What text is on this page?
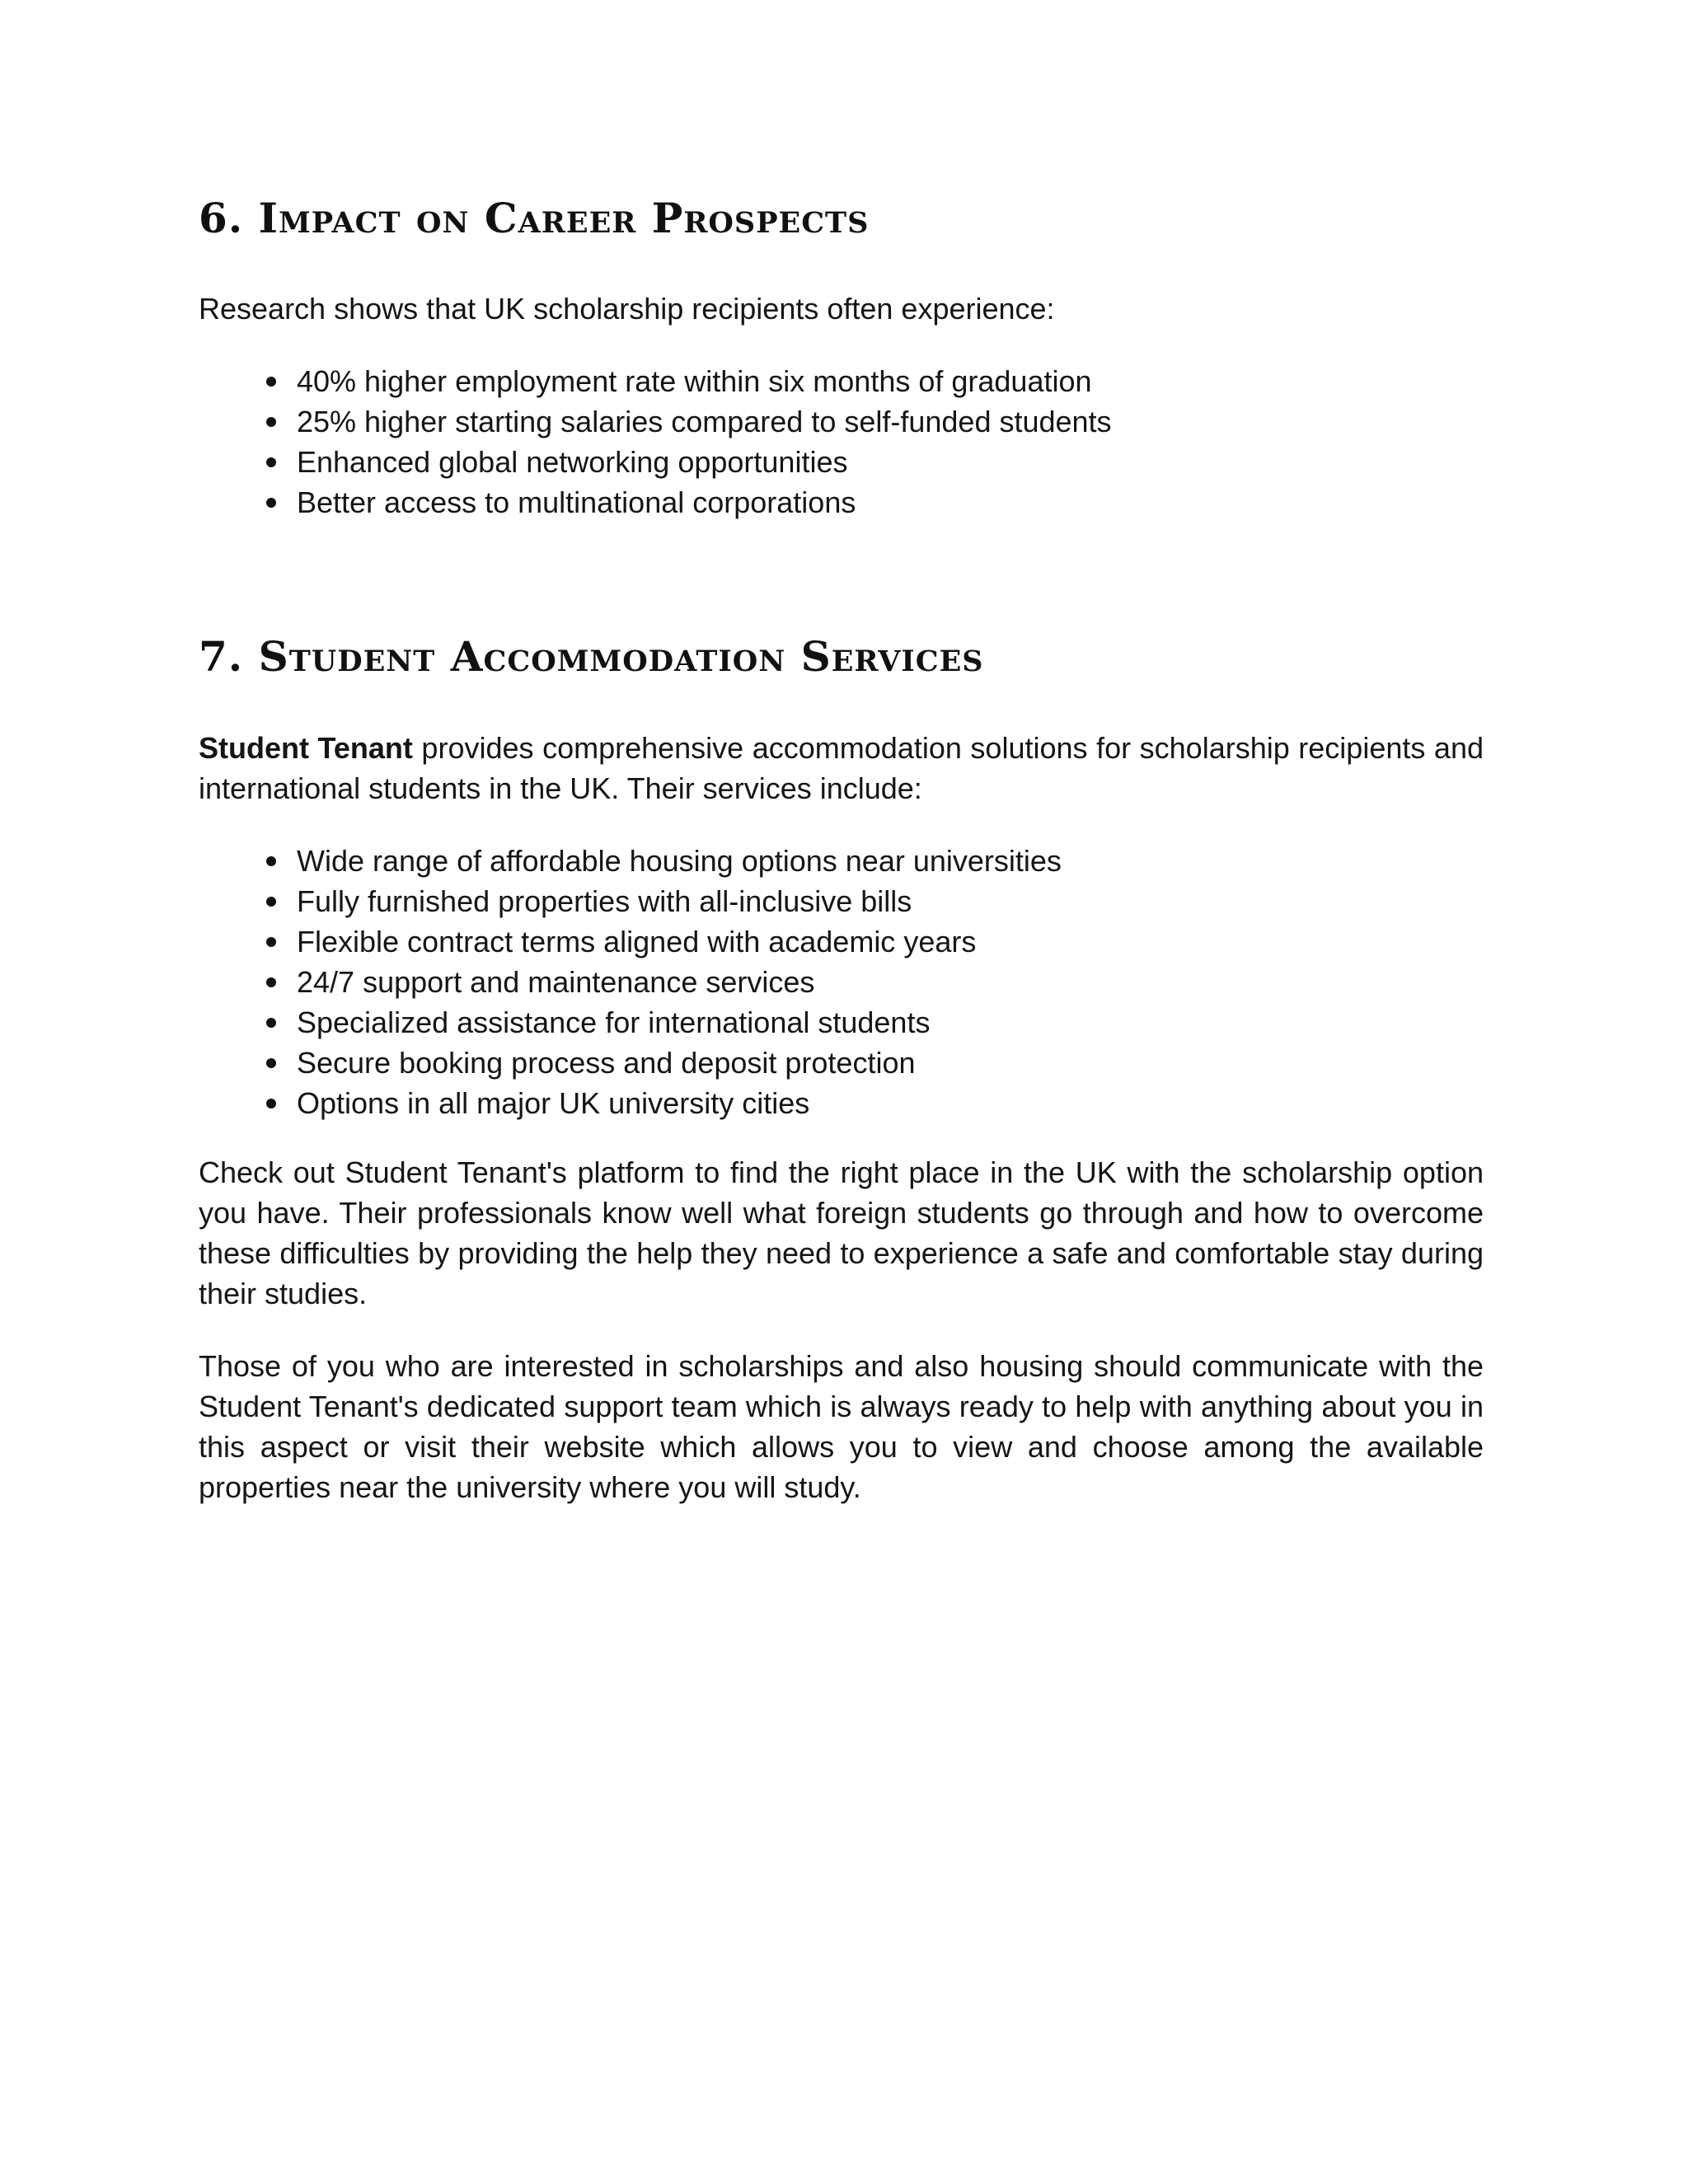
6. Impact on Career Prospects

Research shows that UK scholarship recipients often experience:

40% higher employment rate within six months of graduation
25% higher starting salaries compared to self-funded students
Enhanced global networking opportunities
Better access to multinational corporations
7. Student Accommodation Services

Student Tenant provides comprehensive accommodation solutions for scholarship recipients and international students in the UK. Their services include:

Wide range of affordable housing options near universities
Fully furnished properties with all-inclusive bills
Flexible contract terms aligned with academic years
24/7 support and maintenance services
Specialized assistance for international students
Secure booking process and deposit protection
Options in all major UK university cities

Check out Student Tenant's platform to find the right place in the UK with the scholarship option you have. Their professionals know well what foreign students go through and how to overcome these difficulties by providing the help they need to experience a safe and comfortable stay during their studies.

Those of you who are interested in scholarships and also housing should communicate with the Student Tenant's dedicated support team which is always ready to help with anything about you in this aspect or visit their website which allows you to view and choose among the available properties near the university where you will study.
